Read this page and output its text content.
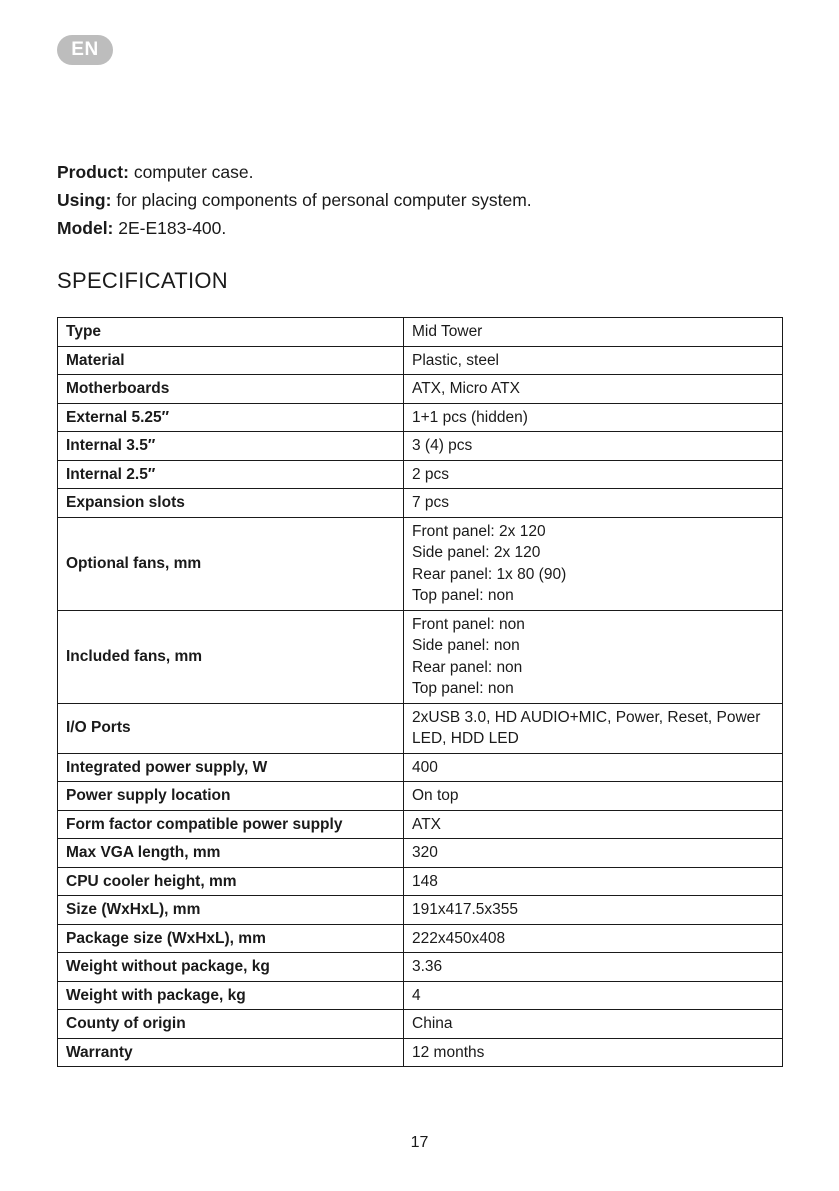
EN
Product: computer case.
Using: for placing components of personal computer system.
Model: 2E-E183-400.
SPECIFICATION
Type	Mid Tower

Material	Plastic, steel

Motherboards	ATX, Micro ATX

External 5.25″	1+1 pcs (hidden)

Internal 3.5″	3 (4) pcs

Internal 2.5″	2 pcs

Expansion slots	7 pcs

Optional fans, mm	Front panel: 2x 120
Side panel: 2x 120
Rear panel: 1x 80 (90)
Top panel: non

Included fans, mm	Front panel: non
Side panel: non
Rear panel: non
Top panel: non

I/O Ports	2xUSB 3.0, HD AUDIO+MIC, Power, Reset, Power LED, HDD LED

Integrated power supply, W	400

Power supply location	On top

Form factor compatible power supply	ATX

Max VGA length, mm	320

CPU cooler height, mm	148

Size (WxHxL), mm	191x417.5x355

Package size (WxHxL), mm	222x450x408

Weight without package, kg	3.36

Weight with package, kg	4

County of origin	China

Warranty	12 months
17
